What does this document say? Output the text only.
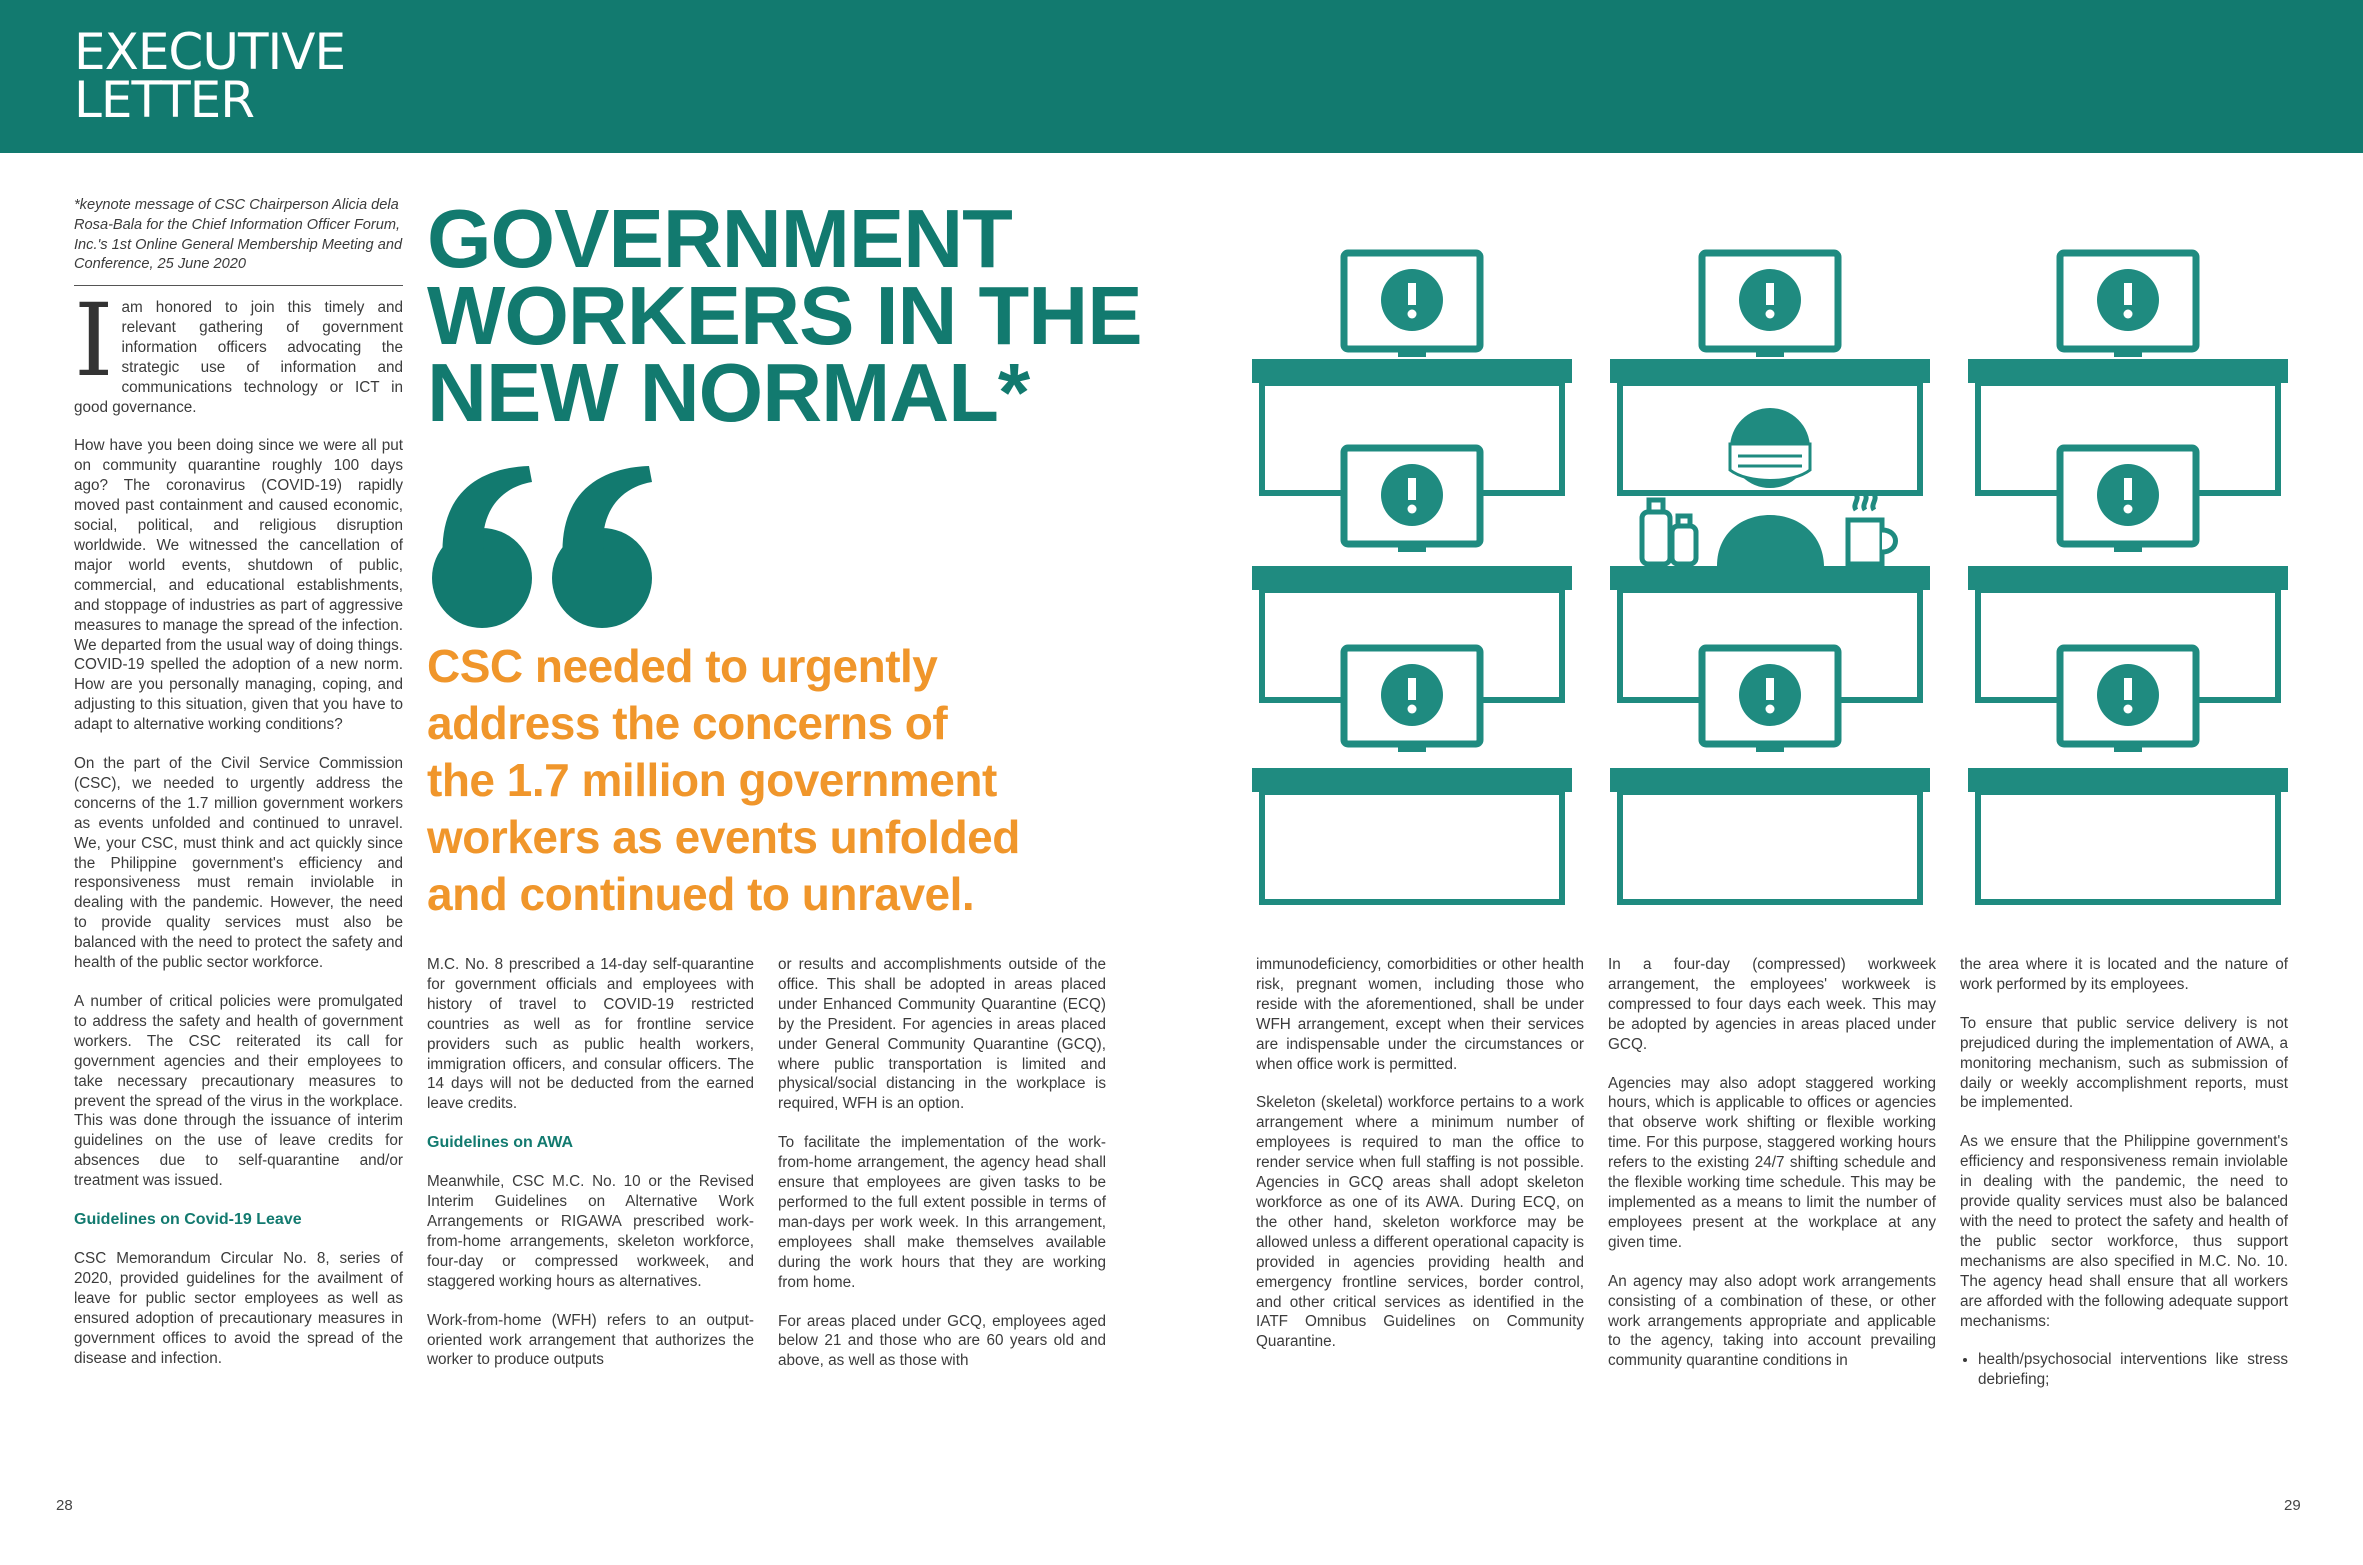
EXECUTIVE
LETTER
*keynote message of CSC Chairperson Alicia dela Rosa-Bala for the Chief Information Officer Forum, Inc.'s 1st Online General Membership Meeting and Conference, 25 June 2020

Iam honored to join this timely and relevant gathering of government information officers advocating the strategic use of information and communications technology or ICT in good governance.

How have you been doing since we were all put on community quarantine roughly 100 days ago? The coronavirus (COVID-19) rapidly moved past containment and caused economic, social, political, and religious disruption worldwide. We witnessed the cancellation of major world events, shutdown of public, commercial, and educational establishments, and stoppage of industries as part of aggressive measures to manage the spread of the infection. We departed from the usual way of doing things. COVID-19 spelled the adoption of a new norm. How are you personally managing, coping, and adjusting to this situation, given that you have to adapt to alternative working conditions?

On the part of the Civil Service Commission (CSC), we needed to urgently address the concerns of the 1.7 million government workers as events unfolded and continued to unravel. We, your CSC, must think and act quickly since the Philippine government's efficiency and responsiveness must remain inviolable in dealing with the pandemic. However, the need to provide quality services must also be balanced with the need to protect the safety and health of the public sector workforce.

A number of critical policies were promulgated to address the safety and health of government workers. The CSC reiterated its call for government agencies and their employees to take necessary precautionary measures to prevent the spread of the virus in the workplace. This was done through the issuance of interim guidelines on the use of leave credits for absences due to self-quarantine and/or treatment was issued.

Guidelines on Covid-19 Leave

CSC Memorandum Circular No. 8, series of 2020, provided guidelines for the availment of leave for public sector employees as well as ensured adoption of precautionary measures in government offices to avoid the spread of the disease and infection.

GOVERNMENT
WORKERS IN THE
NEW NORMAL*
CSC needed to urgently
address the concerns of
the 1.7 million government
workers as events unfolded
and continued to unravel.

M.C. No. 8 prescribed a 14-day self-quarantine for government officials and employees with history of travel to COVID-19 restricted countries as well as for frontline service providers such as public health workers, immigration officers, and consular officers. The 14 days will not be deducted from the earned leave credits.

Guidelines on AWA

Meanwhile, CSC M.C. No. 10 or the Revised Interim Guidelines on Alternative Work Arrangements or RIGAWA prescribed work-from-home arrangements, skeleton workforce, four-day or compressed workweek, and staggered working hours as alternatives.

Work-from-home (WFH) refers to an output-oriented work arrangement that authorizes the worker to produce outputs

or results and accomplishments outside of the office. This shall be adopted in areas placed under Enhanced Community Quarantine (ECQ) by the President. For agencies in areas placed under General Community Quarantine (GCQ), where public transportation is limited and physical/social distancing in the workplace is required, WFH is an option.

To facilitate the implementation of the work-from-home arrangement, the agency head shall ensure that employees are given tasks to be performed to the full extent possible in terms of man-days per work week. In this arrangement, employees shall make themselves available during the work hours that they are working from home.

For areas placed under GCQ, employees aged below 21 and those who are 60 years old and above, as well as those with

immunodeficiency, comorbidities or other health risk, pregnant women, including those who reside with the aforementioned, shall be under WFH arrangement, except when their services are indispensable under the circumstances or when office work is permitted.

Skeleton (skeletal) workforce pertains to a work arrangement where a minimum number of employees is required to man the office to render service when full staffing is not possible. Agencies in GCQ areas shall adopt skeleton workforce as one of its AWA. During ECQ, on the other hand, skeleton workforce may be allowed unless a different operational capacity is provided in agencies providing health and emergency frontline services, border control, and other critical services as identified in the IATF Omnibus Guidelines on Community Quarantine.

In a four-day (compressed) workweek arrangement, the employees' workweek is compressed to four days each week. This may be adopted by agencies in areas placed under GCQ.

Agencies may also adopt staggered working hours, which is applicable to offices or agencies that observe work shifting or flexible working time. For this purpose, staggered working hours refers to the existing 24/7 shifting schedule and the flexible working time schedule. This may be implemented as a means to limit the number of employees present at the workplace at any given time.

An agency may also adopt work arrangements consisting of a combination of these, or other work arrangements appropriate and applicable to the agency, taking into account prevailing community quarantine conditions in

the area where it is located and the nature of work performed by its employees.

To ensure that public service delivery is not prejudiced during the implementation of AWA, a monitoring mechanism, such as submission of daily or weekly accomplishment reports, must be implemented.

As we ensure that the Philippine government's efficiency and responsiveness remain inviolable in dealing with the pandemic, the need to provide quality services must also be balanced with the need to protect the safety and health of the public sector workforce, thus support mechanisms are also specified in M.C. No. 10. The agency head shall ensure that all workers are afforded with the following adequate support mechanisms:

• health/psychosocial interventions like stress debriefing;
28	29
